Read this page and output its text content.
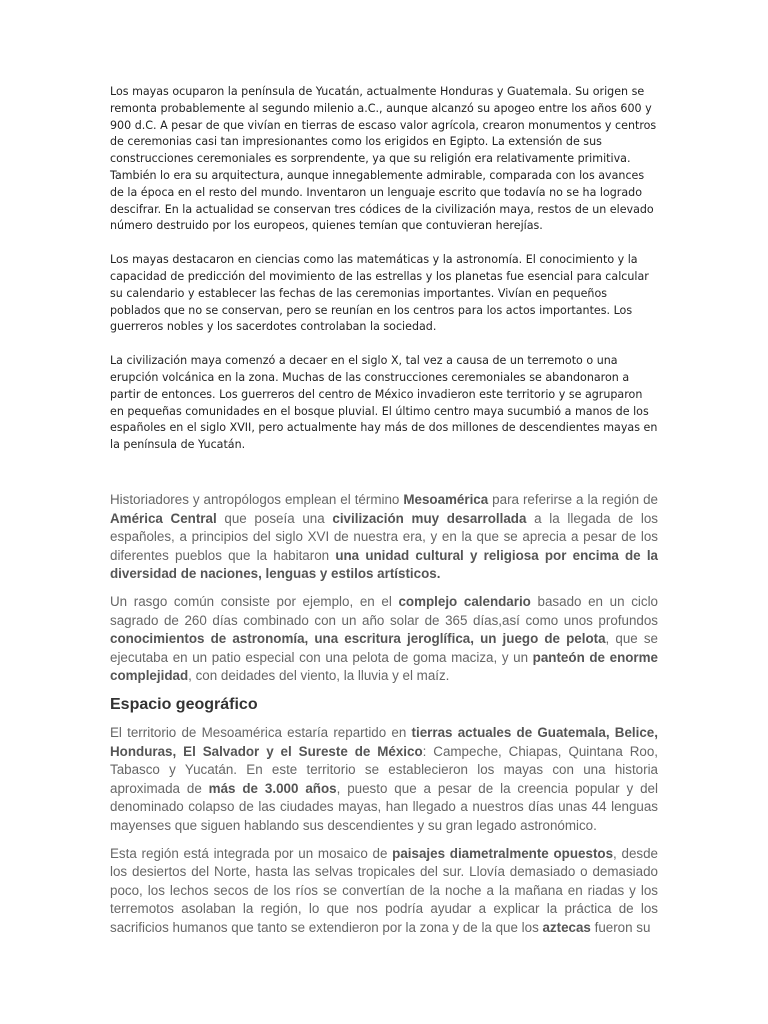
Los mayas ocuparon la península de Yucatán, actualmente Honduras y Guatemala. Su origen se remonta probablemente al segundo milenio a.C., aunque alcanzó su apogeo entre los años 600 y 900 d.C. A pesar de que vivían en tierras de escaso valor agrícola, crearon monumentos y centros de ceremonias casi tan impresionantes como los erigidos en Egipto. La extensión de sus construcciones ceremoniales es sorprendente, ya que su religión era relativamente primitiva. También lo era su arquitectura, aunque innegablemente admirable, comparada con los avances de la época en el resto del mundo. Inventaron un lenguaje escrito que todavía no se ha logrado descifrar. En la actualidad se conservan tres códices de la civilización maya, restos de un elevado número destruido por los europeos, quienes temían que contuvieran herejías.

Los mayas destacaron en ciencias como las matemáticas y la astronomía. El conocimiento y la capacidad de predicción del movimiento de las estrellas y los planetas fue esencial para calcular su calendario y establecer las fechas de las ceremonias importantes. Vivían en pequeños poblados que no se conservan, pero se reunían en los centros para los actos importantes. Los guerreros nobles y los sacerdotes controlaban la sociedad.

La civilización maya comenzó a decaer en el siglo X, tal vez a causa de un terremoto o una erupción volcánica en la zona. Muchas de las construcciones ceremoniales se abandonaron a partir de entonces. Los guerreros del centro de México invadieron este territorio y se agruparon en pequeñas comunidades en el bosque pluvial. El último centro maya sucumbió a manos de los españoles en el siglo XVII, pero actualmente hay más de dos millones de descendientes mayas en la península de Yucatán.

Historiadores y antropólogos emplean el término Mesoamérica para referirse a la región de América Central que poseía una civilización muy desarrollada a la llegada de los españoles, a principios del siglo XVI de nuestra era, y en la que se aprecia a pesar de los diferentes pueblos que la habitaron una unidad cultural y religiosa por encima de la diversidad de naciones, lenguas y estilos artísticos.

Un rasgo común consiste por ejemplo, en el complejo calendario basado en un ciclo sagrado de 260 días combinado con un año solar de 365 días,así como unos profundos conocimientos de astronomía, una escritura jeroglífica, un juego de pelota, que se ejecutaba en un patio especial con una pelota de goma maciza, y un panteón de enorme complejidad, con deidades del viento, la lluvia y el maíz.

Espacio geográfico

El territorio de Mesoamérica estaría repartido en tierras actuales de Guatemala, Belice, Honduras, El Salvador y el Sureste de México: Campeche, Chiapas, Quintana Roo, Tabasco y Yucatán. En este territorio se establecieron los mayas con una historia aproximada de más de 3.000 años, puesto que a pesar de la creencia popular y del denominado colapso de las ciudades mayas, han llegado a nuestros días unas 44 lenguas mayenses que siguen hablando sus descendientes y su gran legado astronómico.

Esta región está integrada por un mosaico de paisajes diametralmente opuestos, desde los desiertos del Norte, hasta las selvas tropicales del sur. Llovía demasiado o demasiado poco, los lechos secos de los ríos se convertían de la noche a la mañana en riadas y los terremotos asolaban la región, lo que nos podría ayudar a explicar la práctica de los sacrificios humanos que tanto se extendieron por la zona y de la que los aztecas fueron su
